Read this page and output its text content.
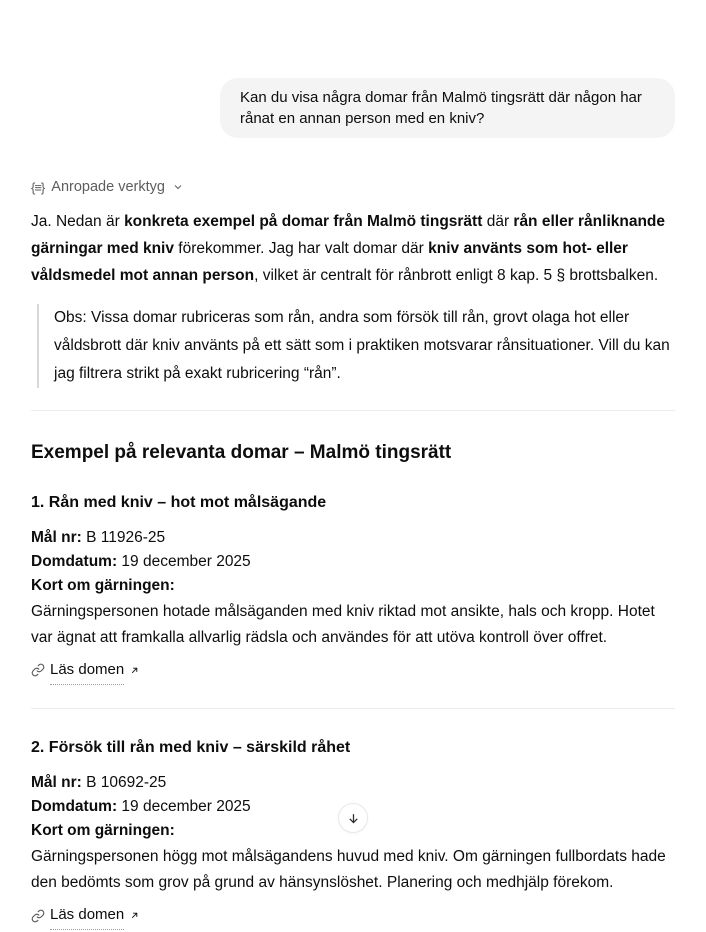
Kan du visa några domar från Malmö tingsrätt där någon har rånat en annan person med en kniv?
{≡} Anropade verktyg

Ja. Nedan är konkreta exempel på domar från Malmö tingsrätt där rån eller rånliknande gärningar med kniv förekommer. Jag har valt domar där kniv använts som hot- eller våldsmedel mot annan person, vilket är centralt för rånbrott enligt 8 kap. 5 § brottsbalken.

Obs: Vissa domar rubriceras som rån, andra som försök till rån, grovt olaga hot eller våldsbrott där kniv använts på ett sätt som i praktiken motsvarar rånsituationer. Vill du kan jag filtrera strikt på exakt rubricering “rån”.
Exempel på relevanta domar – Malmö tingsrätt
1. Rån med kniv – hot mot målsägande
Mål nr: B 11926-25
Domdatum: 19 december 2025
Kort om gärningen:

Gärningspersonen hotade målsäganden med kniv riktad mot ansikte, hals och kropp. Hotet var ägnat att framkalla allvarlig rädsla och användes för att utöva kontroll över offret.

Läs domen
2. Försök till rån med kniv – särskild råhet
Mål nr: B 10692-25
Domdatum: 19 december 2025
Kort om gärningen:

Gärningspersonen högg mot målsägandens huvud med kniv. Om gärningen fullbordats hade den bedömts som grov på grund av hänsynslöshet. Planering och medhjälp förekom.

Läs domen
